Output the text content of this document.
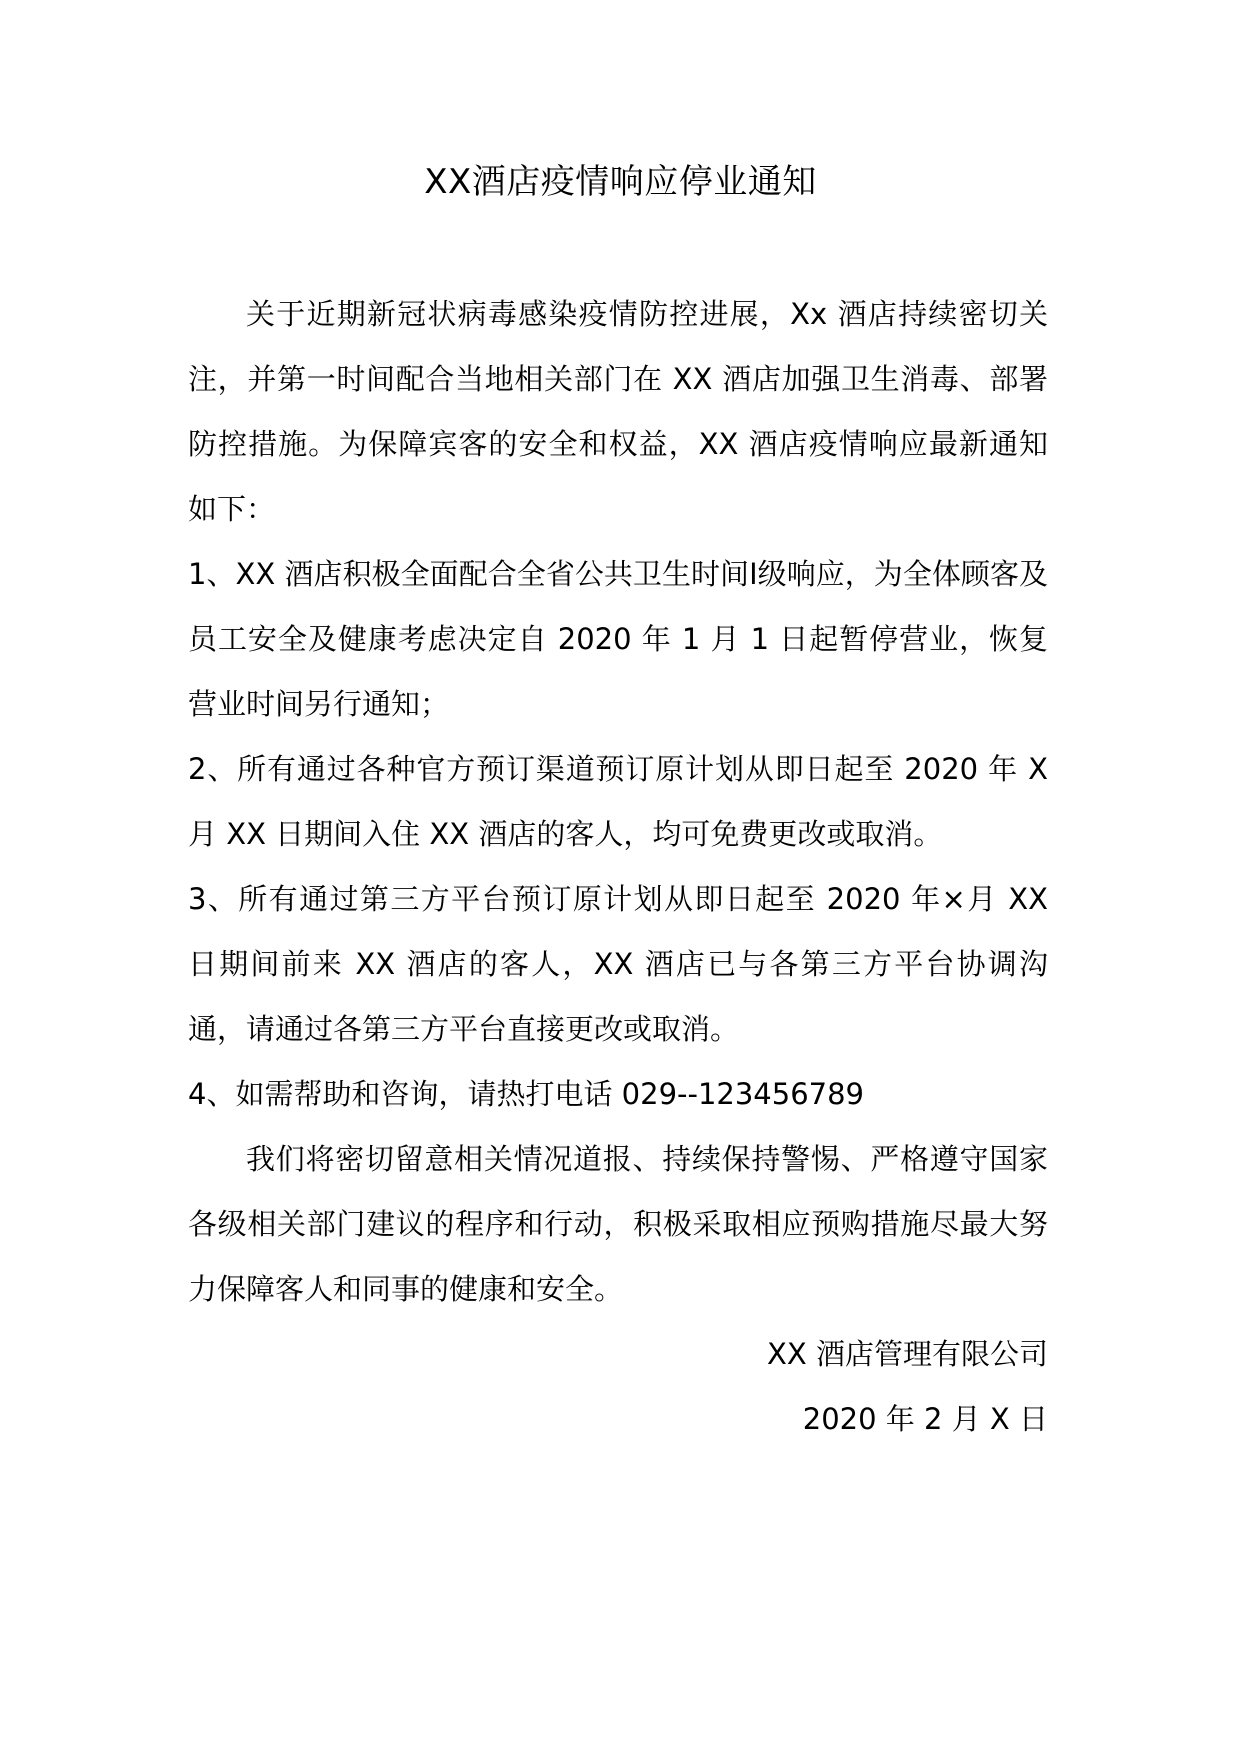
XX酒店疫情响应停业通知

关于近期新冠状病毒感染疫情防控进展，Xx 酒店持续密切关注，并第一时间配合当地相关部门在 XX 酒店加强卫生消毒、部署防控措施。为保障宾客的安全和权益，XX 酒店疫情响应最新通知如下：

1、XX 酒店积极全面配合全省公共卫生时间Ⅰ级响应，为全体顾客及员工安全及健康考虑决定自 2020 年 1 月 1 日起暂停营业，恢复营业时间另行通知；

2、所有通过各种官方预订渠道预订原计划从即日起至 2020 年 X 月 XX 日期间入住 XX 酒店的客人，均可免费更改或取消。

3、所有通过第三方平台预订原计划从即日起至 2020 年×月 XX 日期间前来 XX 酒店的客人，XX 酒店已与各第三方平台协调沟通，请通过各第三方平台直接更改或取消。

4、如需帮助和咨询，请热打电话 029--123456789

我们将密切留意相关情况道报、持续保持警惕、严格遵守国家各级相关部门建议的程序和行动，积极采取相应预购措施尽最大努力保障客人和同事的健康和安全。

XX 酒店管理有限公司

2020 年 2 月 X 日
